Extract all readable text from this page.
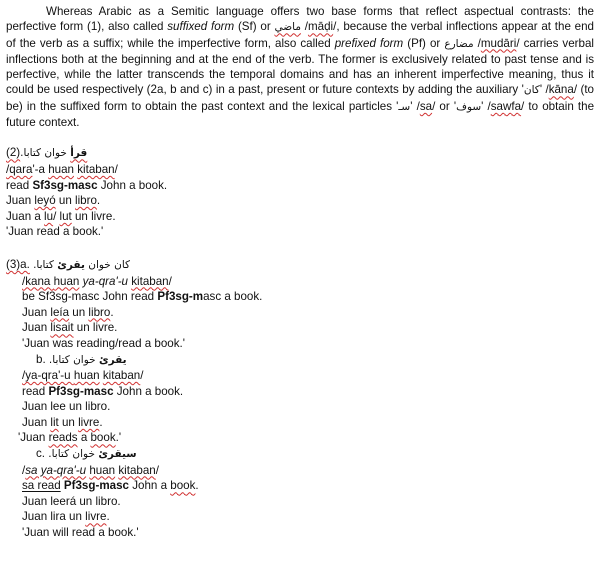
Whereas Arabic as a Semitic language offers two base forms that reflect aspectual contrasts: the perfective form (1), also called suffixed form (Sf) or ماضي /māḍi/, because the verbal inflections appear at the end of the verb as a suffix; while the imperfective form, also called prefixed form (Pf) or مضارع /mudāri/ carries verbal inflections both at the beginning and at the end of the verb. The former is exclusively related to past tense and is perfective, while the latter transcends the temporal domains and has an inherent imperfective meaning, thus it could be used respectively (2a, b and c) in a past, present or future contexts by adding the auxiliary 'كان' /kāna/ (to be) in the suffixed form to obtain the past context and the lexical particles 'سـ' /sa/ or 'سوف' /sawfa/ to obtain the future context.

(2)	قرأ خوان كتابا.

/qara'-a huan kitaban/

read Sf3sg-masc John a book.

Juan leyó un libro.

Juan a lu/ lut un livre.

'Juan read a book.'

(3)a.	كان خوان يقرئ كتابا.

/kana huan ya-qra'-u kitaban/

be Sf3sg-masc John read Pf3sg-masc a book.

Juan leía un libro.

Juan lisait un livre.

'Juan was reading/read a book.'

b.	يقرئ خوان كتابا.

/ya-qra'-u huan kitaban/

read Pf3sg-masc John a book.

Juan lee un libro.

Juan lit un livre.

'Juan reads a book.'

c.	سيقرئ خوان كتابا.

/sa ya-qra'-u huan kitaban/

sa read Pf3sg-masc John a book.

Juan leerá un libro.

Juan lira un livre.

'Juan will read a book.'
